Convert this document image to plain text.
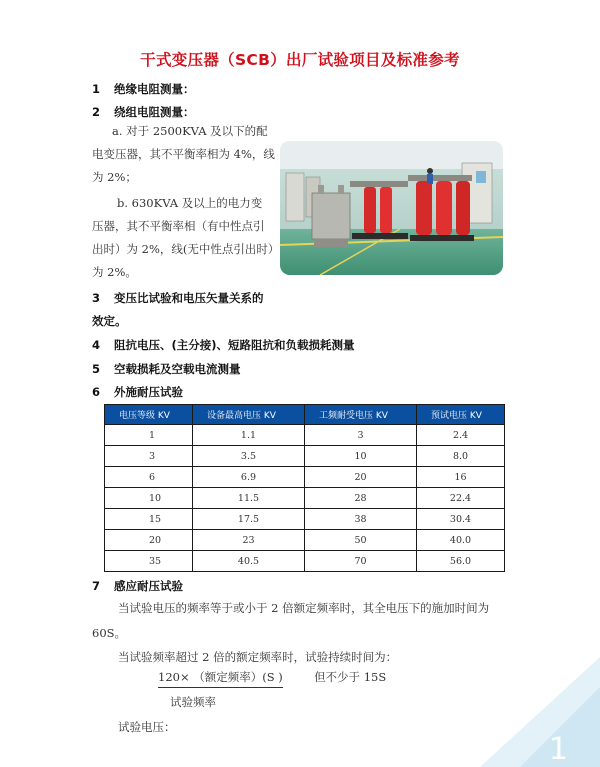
干式变压器（SCB）出厂试验项目及标准参考
1 绝缘电阻测量：
2 绕组电阻测量：
a. 对于 2500KVA 及以下的配
电变压器，其不平衡率相为 4%，线
为 2%；
b. 630KVA 及以上的电力变
压器，其不平衡率相（有中性点引
出时）为 2%，线(无中性点引出时）
为 2%。
3 变压比试验和电压矢量关系的
效定。
4 阻抗电压、(主分接)、短路阻抗和负载损耗测量
5 空载损耗及空载电流测量
6 外施耐压试验
电压等级 KV	设备最高电压 KV	工频耐受电压 KV	预试电压 KV
1	1.1	3	2.4
3	3.5	10	8.0
6	6.9	20	16
10	11.5	28	22.4
15	17.5	38	30.4
20	23	50	40.0
35	40.5	70	56.0
7 感应耐压试验
当试验电压的频率等于或小于 2 倍额定频率时，其全电压下的施加时间为
60S。
当试验频率超过 2 倍的额定频率时，试验持续时间为：
120× （额定频率）(S )	但不少于 15S
试验频率
试验电压：
1
